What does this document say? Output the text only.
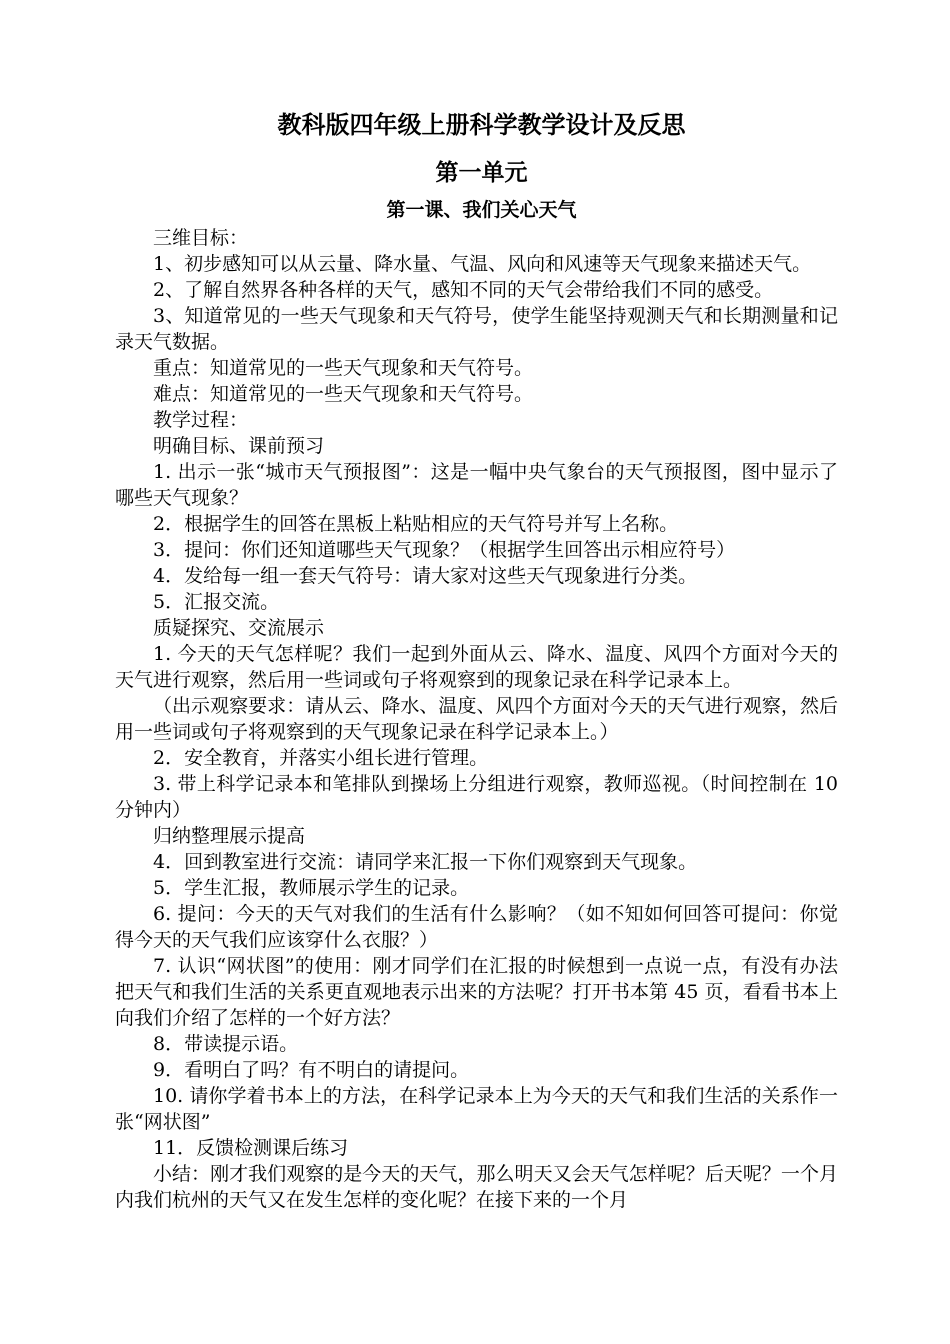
教科版四年级上册科学教学设计及反思
第一单元
第一课、我们关心天气

三维目标：

1、初步感知可以从云量、降水量、气温、风向和风速等天气现象来描述天气。

2、了解自然界各种各样的天气，感知不同的天气会带给我们不同的感受。

3、知道常见的一些天气现象和天气符号，使学生能坚持观测天气和长期测量和记录天气数据。

重点：知道常见的一些天气现象和天气符号。

难点：知道常见的一些天气现象和天气符号。

教学过程：

明确目标、课前预习

1. 出示一张“城市天气预报图”：这是一幅中央气象台的天气预报图，图中显示了哪些天气现象？

2．根据学生的回答在黑板上粘贴相应的天气符号并写上名称。

3．提问：你们还知道哪些天气现象？（根据学生回答出示相应符号）

4．发给每一组一套天气符号：请大家对这些天气现象进行分类。

5．汇报交流。

质疑探究、交流展示

1. 今天的天气怎样呢？我们一起到外面从云、降水、温度、风四个方面对今天的天气进行观察，然后用一些词或句子将观察到的现象记录在科学记录本上。

（出示观察要求：请从云、降水、温度、风四个方面对今天的天气进行观察，然后用一些词或句子将观察到的天气现象记录在科学记录本上。）

2．安全教育，并落实小组长进行管理。

3. 带上科学记录本和笔排队到操场上分组进行观察，教师巡视。（时间控制在 10 分钟内）

归纳整理展示提高

4．回到教室进行交流：请同学来汇报一下你们观察到天气现象。

5．学生汇报，教师展示学生的记录。

6. 提问：今天的天气对我们的生活有什么影响？（如不知如何回答可提问：你觉得今天的天气我们应该穿什么衣服？）

7. 认识“网状图”的使用：刚才同学们在汇报的时候想到一点说一点，有没有办法把天气和我们生活的关系更直观地表示出来的方法呢？打开书本第 45 页，看看书本上向我们介绍了怎样的一个好方法？

8．带读提示语。

9．看明白了吗？有不明白的请提问。

10. 请你学着书本上的方法，在科学记录本上为今天的天气和我们生活的关系作一张“网状图”

11．反馈检测课后练习

小结：刚才我们观察的是今天的天气，那么明天又会天气怎样呢？后天呢？一个月内我们杭州的天气又在发生怎样的变化呢？在接下来的一个月
